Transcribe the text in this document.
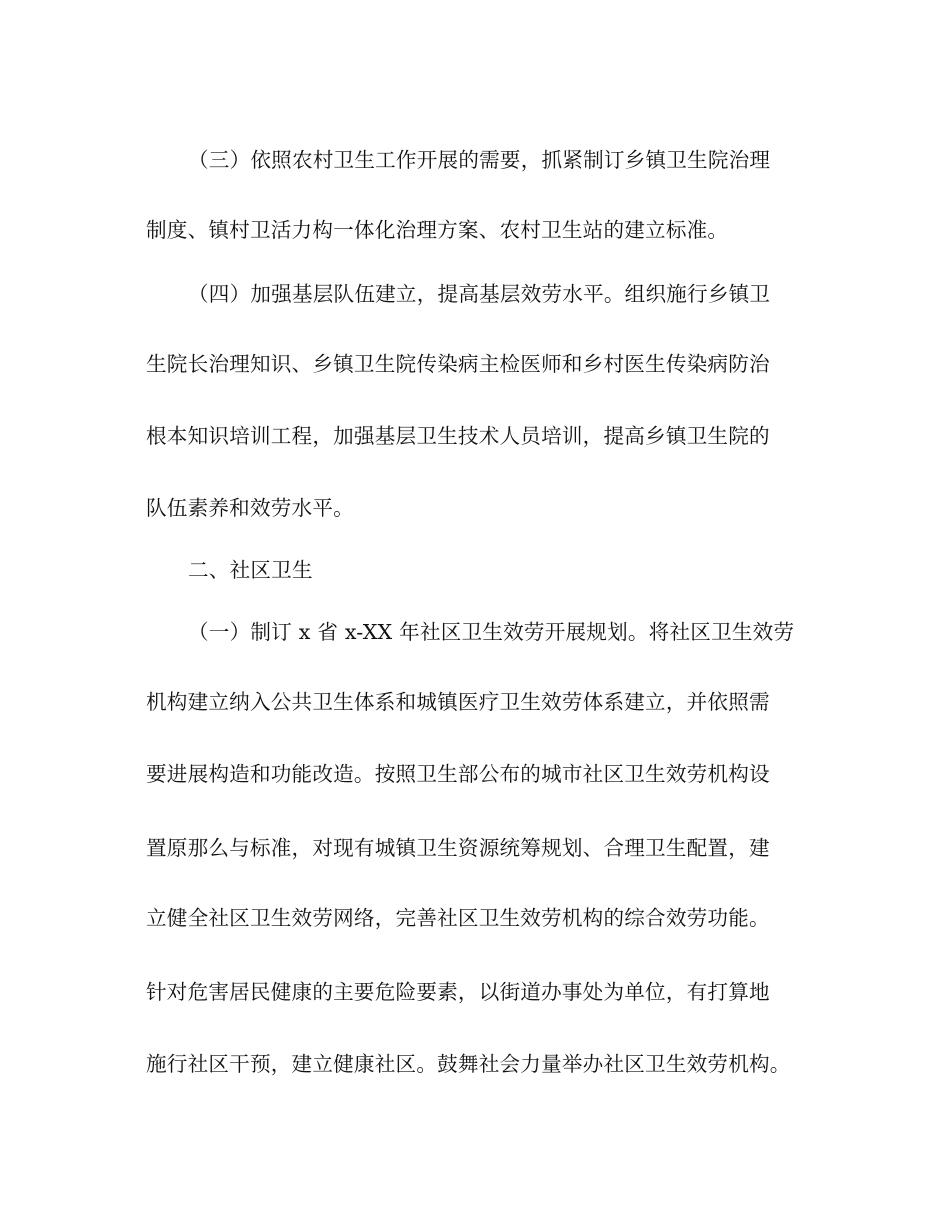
（三）依照农村卫生工作开展的需要，抓紧制订乡镇卫生院治理
制度、镇村卫活力构一体化治理方案、农村卫生站的建立标准。
（四）加强基层队伍建立，提高基层效劳水平。组织施行乡镇卫
生院长治理知识、乡镇卫生院传染病主检医师和乡村医生传染病防治
根本知识培训工程，加强基层卫生技术人员培训，提高乡镇卫生院的
队伍素养和效劳水平。
二、社区卫生
（一）制订 x 省 x-XX 年社区卫生效劳开展规划。将社区卫生效劳
机构建立纳入公共卫生体系和城镇医疗卫生效劳体系建立，并依照需
要进展构造和功能改造。按照卫生部公布的城市社区卫生效劳机构设
置原那么与标准，对现有城镇卫生资源统筹规划、合理卫生配置，建
立健全社区卫生效劳网络，完善社区卫生效劳机构的综合效劳功能。
针对危害居民健康的主要危险要素，以街道办事处为单位，有打算地
施行社区干预，建立健康社区。鼓舞社会力量举办社区卫生效劳机构。
